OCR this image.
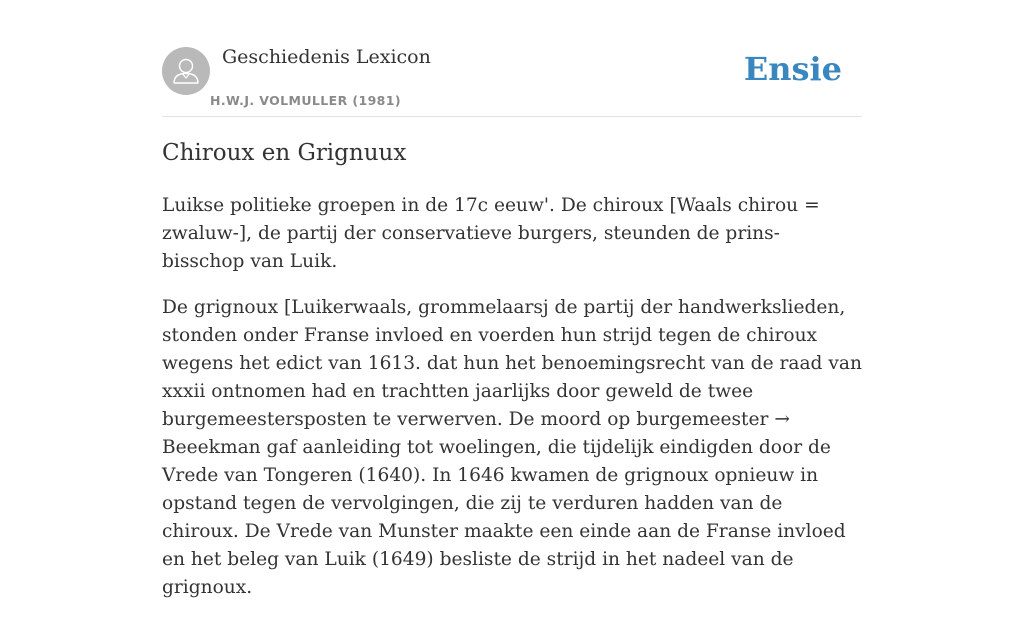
Geschiedenis Lexicon
H.W.J. VOLMULLER (1981)
Ensie
Chiroux en Grignuux

Luikse politieke groepen in de 17c eeuw'. De chiroux [Waals chirou = zwaluw-], de partij der conservatieve burgers, steunden de prins-bisschop van Luik.

De grignoux [Luikerwaals, grommelaarsj de partij der handwerkslieden, stonden onder Franse invloed en voerden hun strijd tegen de chiroux wegens het edict van 1613. dat hun het benoemingsrecht van de raad van xxxii ontnomen had en trachtten jaarlijks door geweld de twee burgemeestersposten te verwerven. De moord op burgemeester → Beeekman gaf aanleiding tot woelingen, die tijdelijk eindigden door de Vrede van Tongeren (1640). In 1646 kwamen de grignoux opnieuw in opstand tegen de vervolgingen, die zij te verduren hadden van de chiroux. De Vrede van Munster maakte een einde aan de Franse invloed en het beleg van Luik (1649) besliste de strijd in het nadeel van de grignoux.
